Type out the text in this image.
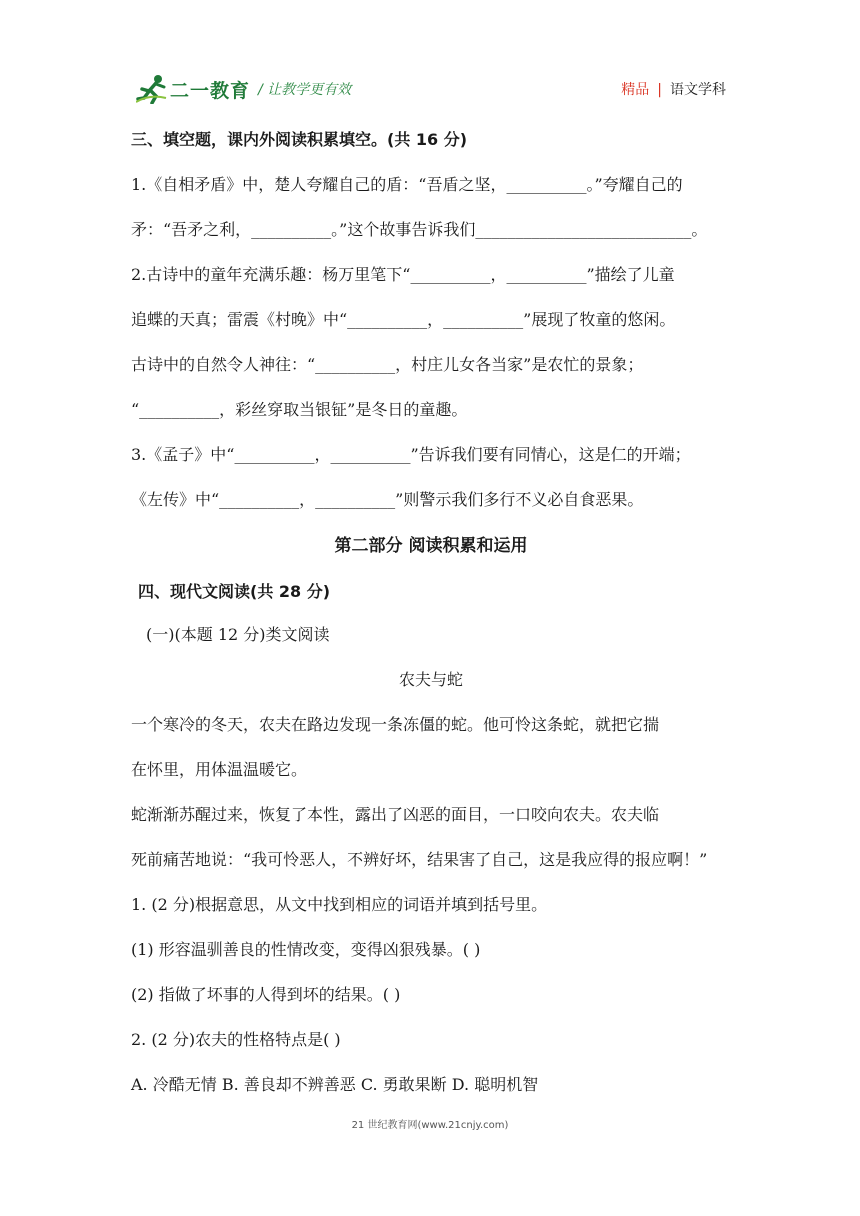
二一教育 / 让教学更有效	精品 | 语文学科
三、填空题，课内外阅读积累填空。(共 16 分)
1.《自相矛盾》中，楚人夸耀自己的盾：“吾盾之坚，__________。”夸耀自己的
矛：“吾矛之利，__________。”这个故事告诉我们___________________________。
2.古诗中的童年充满乐趣：杨万里笔下“__________，__________”描绘了儿童
追蝶的天真；雷震《村晚》中“__________，__________”展现了牧童的悠闲。
古诗中的自然令人神往：“__________，村庄儿女各当家”是农忙的景象；
“__________，彩丝穿取当银钲”是冬日的童趣。
3.《孟子》中“__________，__________”告诉我们要有同情心，这是仁的开端；
《左传》中“__________，__________”则警示我们多行不义必自食恶果。
第二部分 阅读积累和运用
四、现代文阅读(共 28 分)
(一)(本题 12 分)类文阅读
农夫与蛇
一个寒冷的冬天，农夫在路边发现一条冻僵的蛇。他可怜这条蛇，就把它揣
在怀里，用体温温暖它。
蛇渐渐苏醒过来，恢复了本性，露出了凶恶的面目，一口咬向农夫。农夫临
死前痛苦地说：“我可怜恶人，不辨好坏，结果害了自己，这是我应得的报应啊！”
1. (2 分)根据意思，从文中找到相应的词语并填到括号里。
(1) 形容温驯善良的性情改变，变得凶狠残暴。( )
(2) 指做了坏事的人得到坏的结果。( )
2. (2 分)农夫的性格特点是( )
A. 冷酷无情 B. 善良却不辨善恶 C. 勇敢果断 D. 聪明机智
21 世纪教育网(www.21cnjy.com)
